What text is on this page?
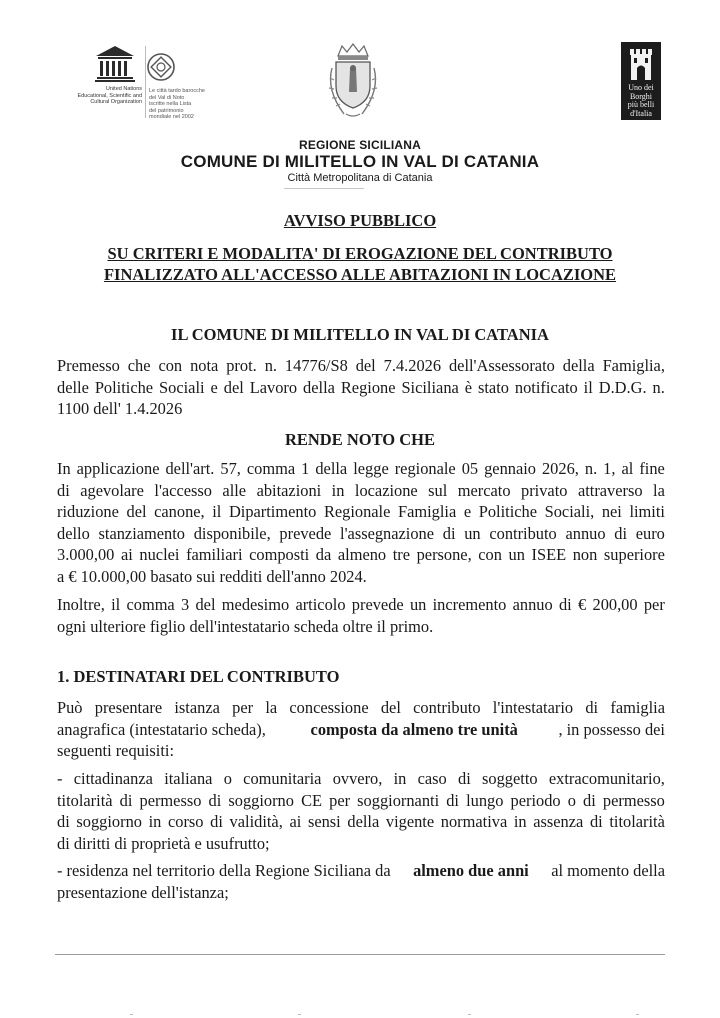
United Nations
Educational, Scientific and
Cultural Organization
Le città tardo barocche
del Val di Noto
iscritte nella Lista
del patrimonio
mondiale nel 2002
Uno dei
Borghi
più belli
d'Italia
REGIONE SICILIANA
COMUNE DI MILITELLO IN VAL DI CATANIA
Città Metropolitana di Catania
AVVISO PUBBLICO
SU CRITERI E MODALITA' DI EROGAZIONE DEL CONTRIBUTO
FINALIZZATO ALL'ACCESSO ALLE ABITAZIONI IN LOCAZIONE
IL COMUNE DI MILITELLO IN VAL DI CATANIA
Premesso che con nota prot. n. 14776/S8 del 7.4.2026 dell'Assessorato della Famiglia,
delle Politiche Sociali e del Lavoro della Regione Siciliana è stato notificato il D.D.G. n.
1100 dell' 1.4.2026
RENDE NOTO CHE
In applicazione dell'art. 57, comma 1 della legge regionale 05 gennaio 2026, n. 1, al fine
di agevolare l'accesso alle abitazioni in locazione sul mercato privato attraverso la
riduzione del canone, il Dipartimento Regionale Famiglia e Politiche Sociali, nei limiti
dello stanziamento disponibile, prevede l'assegnazione di un contributo annuo di euro
3.000,00 ai nuclei familiari composti da almeno tre persone, con un ISEE non superiore
a € 10.000,00 basato sui redditi dell'anno 2024.
Inoltre, il comma 3 del medesimo articolo prevede un incremento annuo di € 200,00 per
ogni ulteriore figlio dell'intestatario scheda oltre il primo.
1. DESTINATARI DEL CONTRIBUTO
Può presentare istanza per la concessione del contributo l'intestatario di famiglia
anagrafica (intestatario scheda), composta da almeno tre unità , in possesso dei
seguenti requisiti:
- cittadinanza italiana o comunitaria ovvero, in caso di soggetto extracomunitario,
titolarità di permesso di soggiorno CE per soggiornanti di lungo periodo o di permesso
di soggiorno in corso di validità, ai sensi della vigente normativa in assenza di titolarità
di diritti di proprietà e usufrutto;
- residenza nel territorio della Regione Siciliana da almeno due anni al momento della
presentazione dell'istanza;
